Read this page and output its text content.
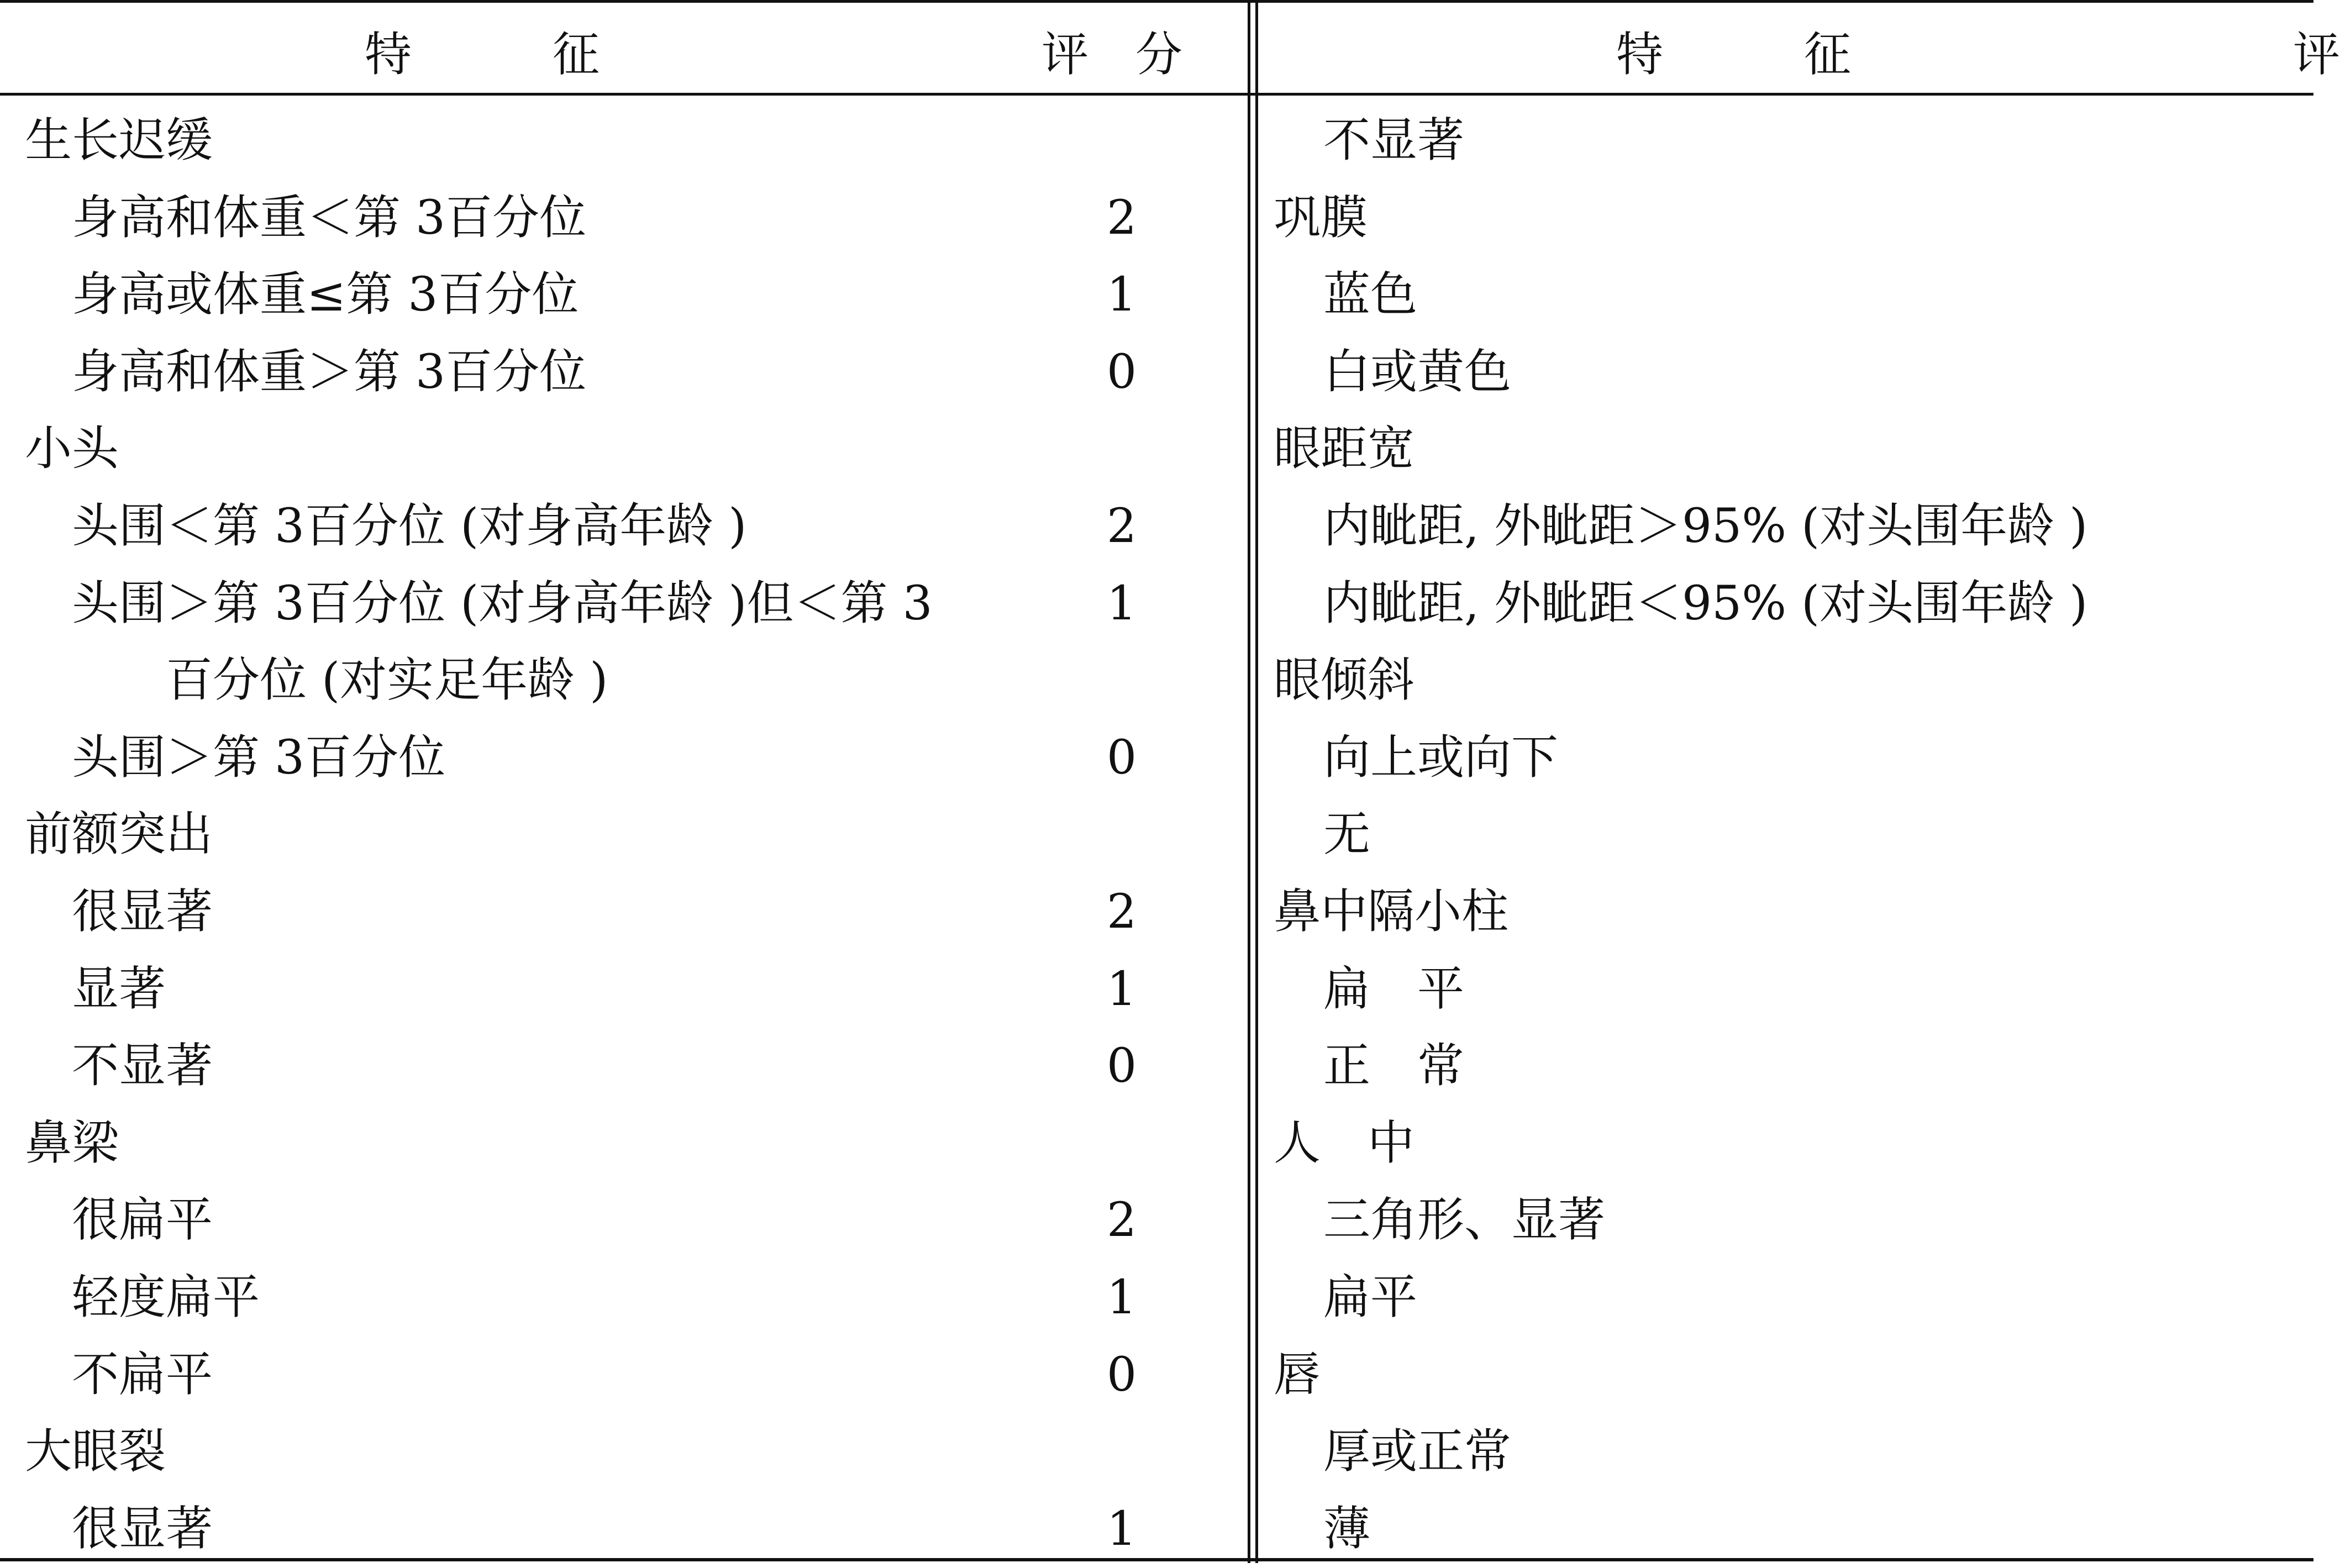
特　　　征	评　分	特　　　征	评
生长迟缓
身高和体重＜第 3百分位	2
身高或体重≤第 3百分位	1
身高和体重＞第 3百分位	0
小头
头围＜第 3百分位 (对身高年龄 )	2
头围＞第 3百分位 (对身高年龄 )但＜第 3	1
百分位 (对实足年龄 )
头围＞第 3百分位	0
前额突出
很显著	2
显著	1
不显著	0
鼻梁
很扁平	2
轻度扁平	1
不扁平	0
大眼裂
很显著	1
不显著
巩膜
蓝色
白或黄色
眼距宽
内眦距, 外眦距＞95% (对头围年龄 )
内眦距, 外眦距＜95% (对头围年龄 )
眼倾斜
向上或向下
无
鼻中隔小柱
扁　平
正　常
人　中
三角形、显著
扁平
唇
厚或正常
薄
